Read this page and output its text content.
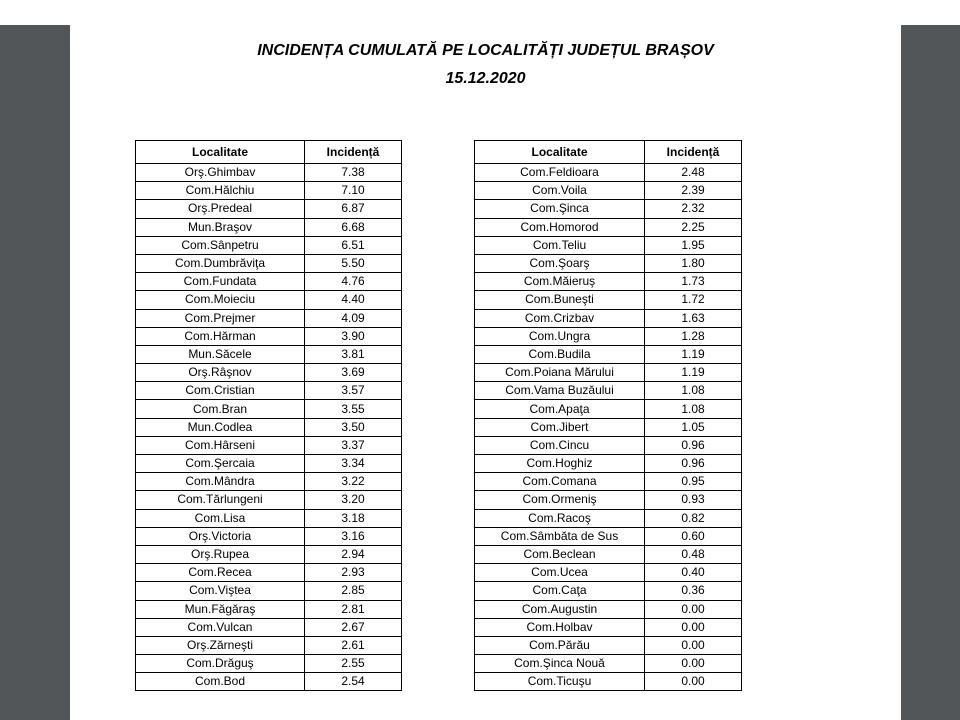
INCIDENȚA CUMULATĂ PE LOCALITĂȚI JUDEȚUL BRAȘOV
15.12.2020
Localitate	Incidență
Orş.Ghimbav	7.38
Com.Hălchiu	7.10
Orş.Predeal	6.87
Mun.Braşov	6.68
Com.Sânpetru	6.51
Com.Dumbrăviţa	5.50
Com.Fundata	4.76
Com.Moieciu	4.40
Com.Prejmer	4.09
Com.Hărman	3.90
Mun.Săcele	3.81
Orş.Râşnov	3.69
Com.Cristian	3.57
Com.Bran	3.55
Mun.Codlea	3.50
Com.Hârseni	3.37
Com.Şercaia	3.34
Com.Mândra	3.22
Com.Tărlungeni	3.20
Com.Lisa	3.18
Orş.Victoria	3.16
Orş.Rupea	2.94
Com.Recea	2.93
Com.Viştea	2.85
Mun.Făgăraş	2.81
Com.Vulcan	2.67
Orş.Zărneşti	2.61
Com.Drăguş	2.55
Com.Bod	2.54
Localitate	Incidență
Com.Feldioara	2.48
Com.Voila	2.39
Com.Şinca	2.32
Com.Homorod	2.25
Com.Teliu	1.95
Com.Şoarş	1.80
Com.Măieruş	1.73
Com.Buneşti	1.72
Com.Crizbav	1.63
Com.Ungra	1.28
Com.Budila	1.19
Com.Poiana Mărului	1.19
Com.Vama Buzăului	1.08
Com.Apaţa	1.08
Com.Jibert	1.05
Com.Cincu	0.96
Com.Hoghiz	0.96
Com.Comana	0.95
Com.Ormeniş	0.93
Com.Racoş	0.82
Com.Sâmbăta de Sus	0.60
Com.Beclean	0.48
Com.Ucea	0.40
Com.Caţa	0.36
Com.Augustin	0.00
Com.Holbav	0.00
Com.Părău	0.00
Com.Şinca Nouă	0.00
Com.Ticuşu	0.00
